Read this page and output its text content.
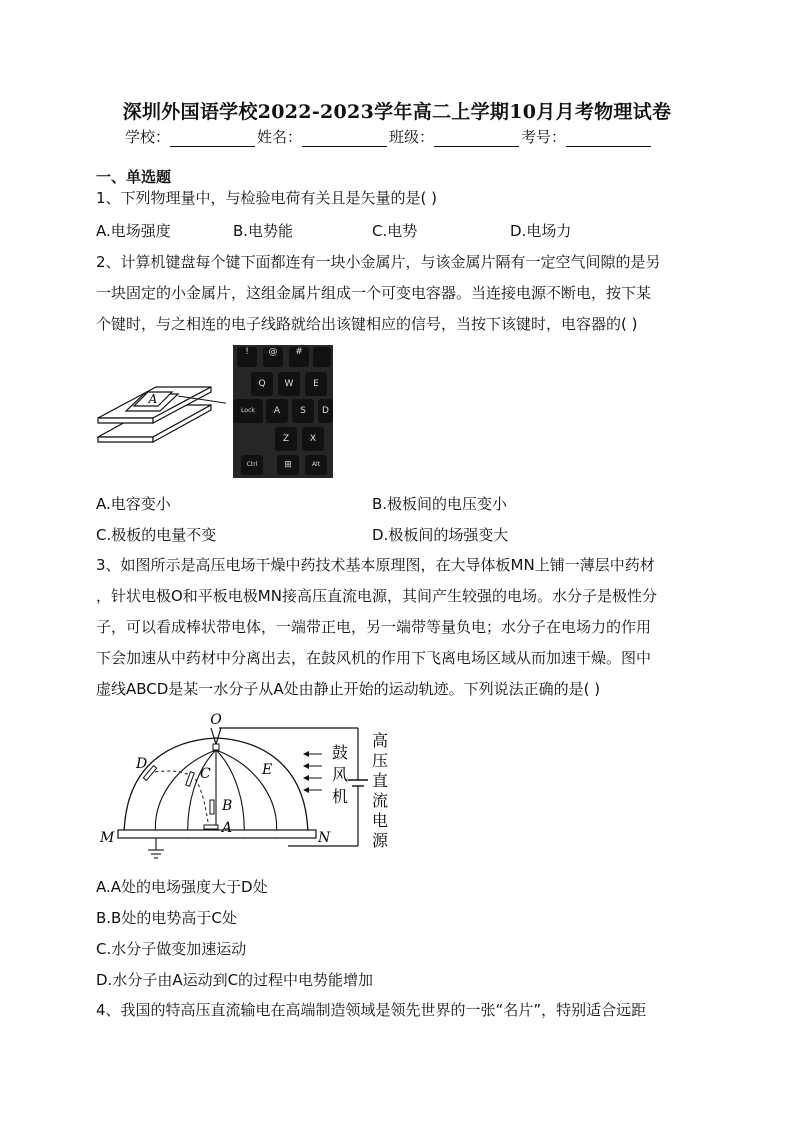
深圳外国语学校2022-2023学年高二上学期10月月考物理试卷
学校：	姓名：	班级：	考号：
一、单选题
1、下列物理量中，与检验电荷有关且是矢量的是( )
A.电场强度	B.电势能	C.电势	D.电场力
2、计算机键盘每个键下面都连有一块小金属片，与该金属片隔有一定空气间隙的是另
一块固定的小金属片，这组金属片组成一个可变电容器。当连接电源不断电，按下某
个键时，与之相连的电子线路就给出该键相应的信号，当按下该键时，电容器的( )
A
!	@	#
Q	W	E
Lock	A	S	D
Z	X
Ctrl	⊞	Alt
A.电容变小	B.极板间的电压变小
C.极板的电量不变	D.极板间的场强变大
3、如图所示是高压电场干燥中药技术基本原理图，在大导体板MN上铺一薄层中药材
，针状电极O和平板电极MN接高压直流电源，其间产生较强的电场。水分子是极性分
子，可以看成棒状带电体，一端带正电，另一端带等量负电；水分子在电场力的作用
下会加速从中药材中分离出去，在鼓风机的作用下飞离电场区域从而加速干燥。图中
虚线ABCD是某一水分子从A处由静止开始的运动轨迹。下列说法正确的是( )
O
D
C	E
B
A
M	N
鼓
风
机
高
压
直
流
电
源
A.A处的电场强度大于D处
B.B处的电势高于C处
C.水分子做变加速运动
D.水分子由A运动到C的过程中电势能增加
4、我国的特高压直流输电在高端制造领域是领先世界的一张“名片”，特别适合远距
